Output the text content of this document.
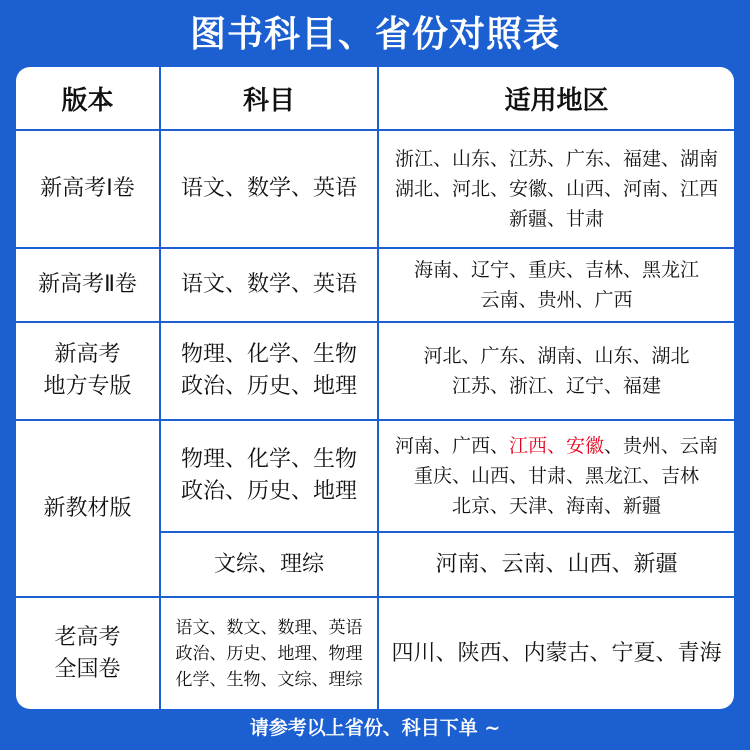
图书科目、省份对照表
版本	科目	适用地区

新高考Ⅰ卷	语文、数学、英语	浙江、山东、江苏、广东、福建、湖南
湖北、河北、安徽、山西、河南、江西
新疆、甘肃

新高考Ⅱ卷	语文、数学、英语	海南、辽宁、重庆、吉林、黑龙江
云南、贵州、广西

新高考
地方专版	物理、化学、生物
政治、历史、地理	河北、广东、湖南、山东、湖北
江苏、浙江、辽宁、福建

新教材版	物理、化学、生物
政治、历史、地理	河南、广西、江西、安徽、贵州、云南
重庆、山西、甘肃、黑龙江、吉林
北京、天津、海南、新疆

	文综、理综	河南、云南、山西、新疆

老高考
全国卷	语文、数文、数理、英语
政治、历史、地理、物理
化学、生物、文综、理综	四川、陕西、内蒙古、宁夏、青海
请参考以上省份、科目下单 ~
